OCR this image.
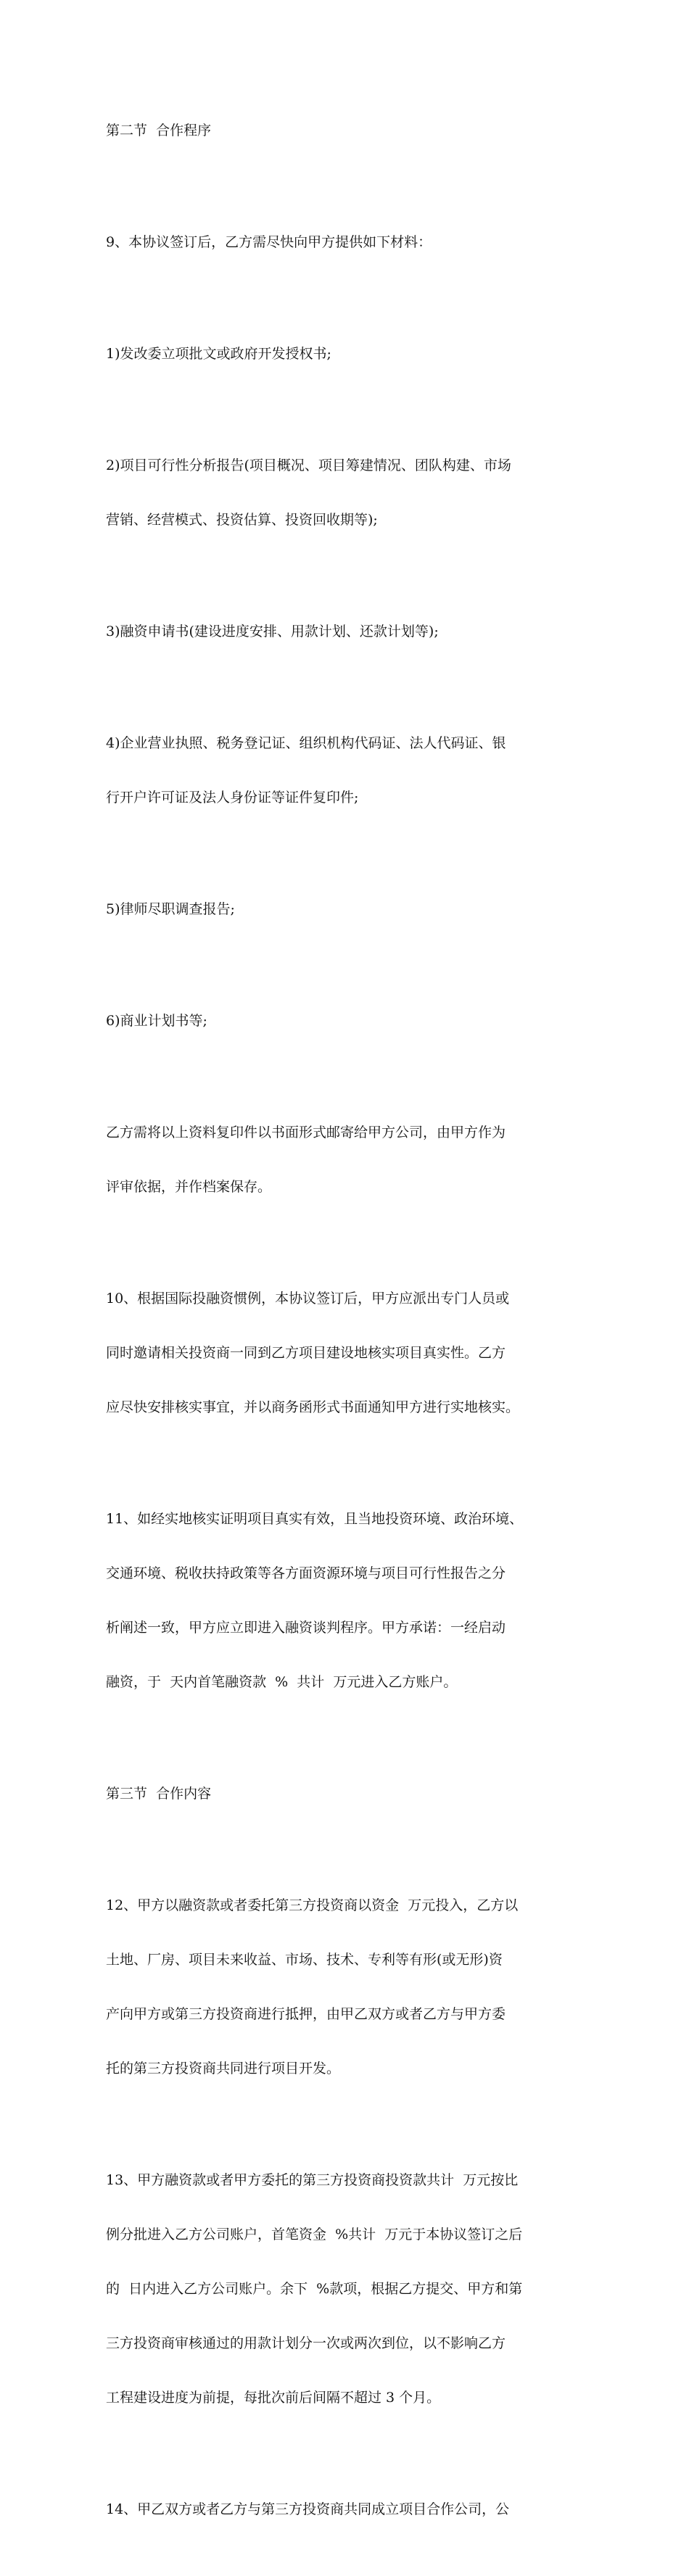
第二节  合作程序

9、本协议签订后，乙方需尽快向甲方提供如下材料：

1)发改委立项批文或政府开发授权书;

2)项目可行性分析报告(项目概况、项目筹建情况、团队构建、市场

营销、经营模式、投资估算、投资回收期等);

3)融资申请书(建设进度安排、用款计划、还款计划等);

4)企业营业执照、税务登记证、组织机构代码证、法人代码证、银

行开户许可证及法人身份证等证件复印件;

5)律师尽职调查报告;

6)商业计划书等;

乙方需将以上资料复印件以书面形式邮寄给甲方公司，由甲方作为

评审依据，并作档案保存。

10、根据国际投融资惯例，本协议签订后，甲方应派出专门人员或

同时邀请相关投资商一同到乙方项目建设地核实项目真实性。乙方

应尽快安排核实事宜，并以商务函形式书面通知甲方进行实地核实。

11、如经实地核实证明项目真实有效，且当地投资环境、政治环境、

交通环境、税收扶持政策等各方面资源环境与项目可行性报告之分

析阐述一致，甲方应立即进入融资谈判程序。甲方承诺：一经启动

融资，于  天内首笔融资款  %  共计  万元进入乙方账户。

第三节  合作内容

12、甲方以融资款或者委托第三方投资商以资金  万元投入，乙方以

土地、厂房、项目未来收益、市场、技术、专利等有形(或无形)资

产向甲方或第三方投资商进行抵押，由甲乙双方或者乙方与甲方委

托的第三方投资商共同进行项目开发。

13、甲方融资款或者甲方委托的第三方投资商投资款共计  万元按比

例分批进入乙方公司账户，首笔资金  %共计  万元于本协议签订之后

的  日内进入乙方公司账户。余下  %款项，根据乙方提交、甲方和第

三方投资商审核通过的用款计划分一次或两次到位，以不影响乙方

工程建设进度为前提，每批次前后间隔不超过 3 个月。

14、甲乙双方或者乙方与第三方投资商共同成立项目合作公司，公
